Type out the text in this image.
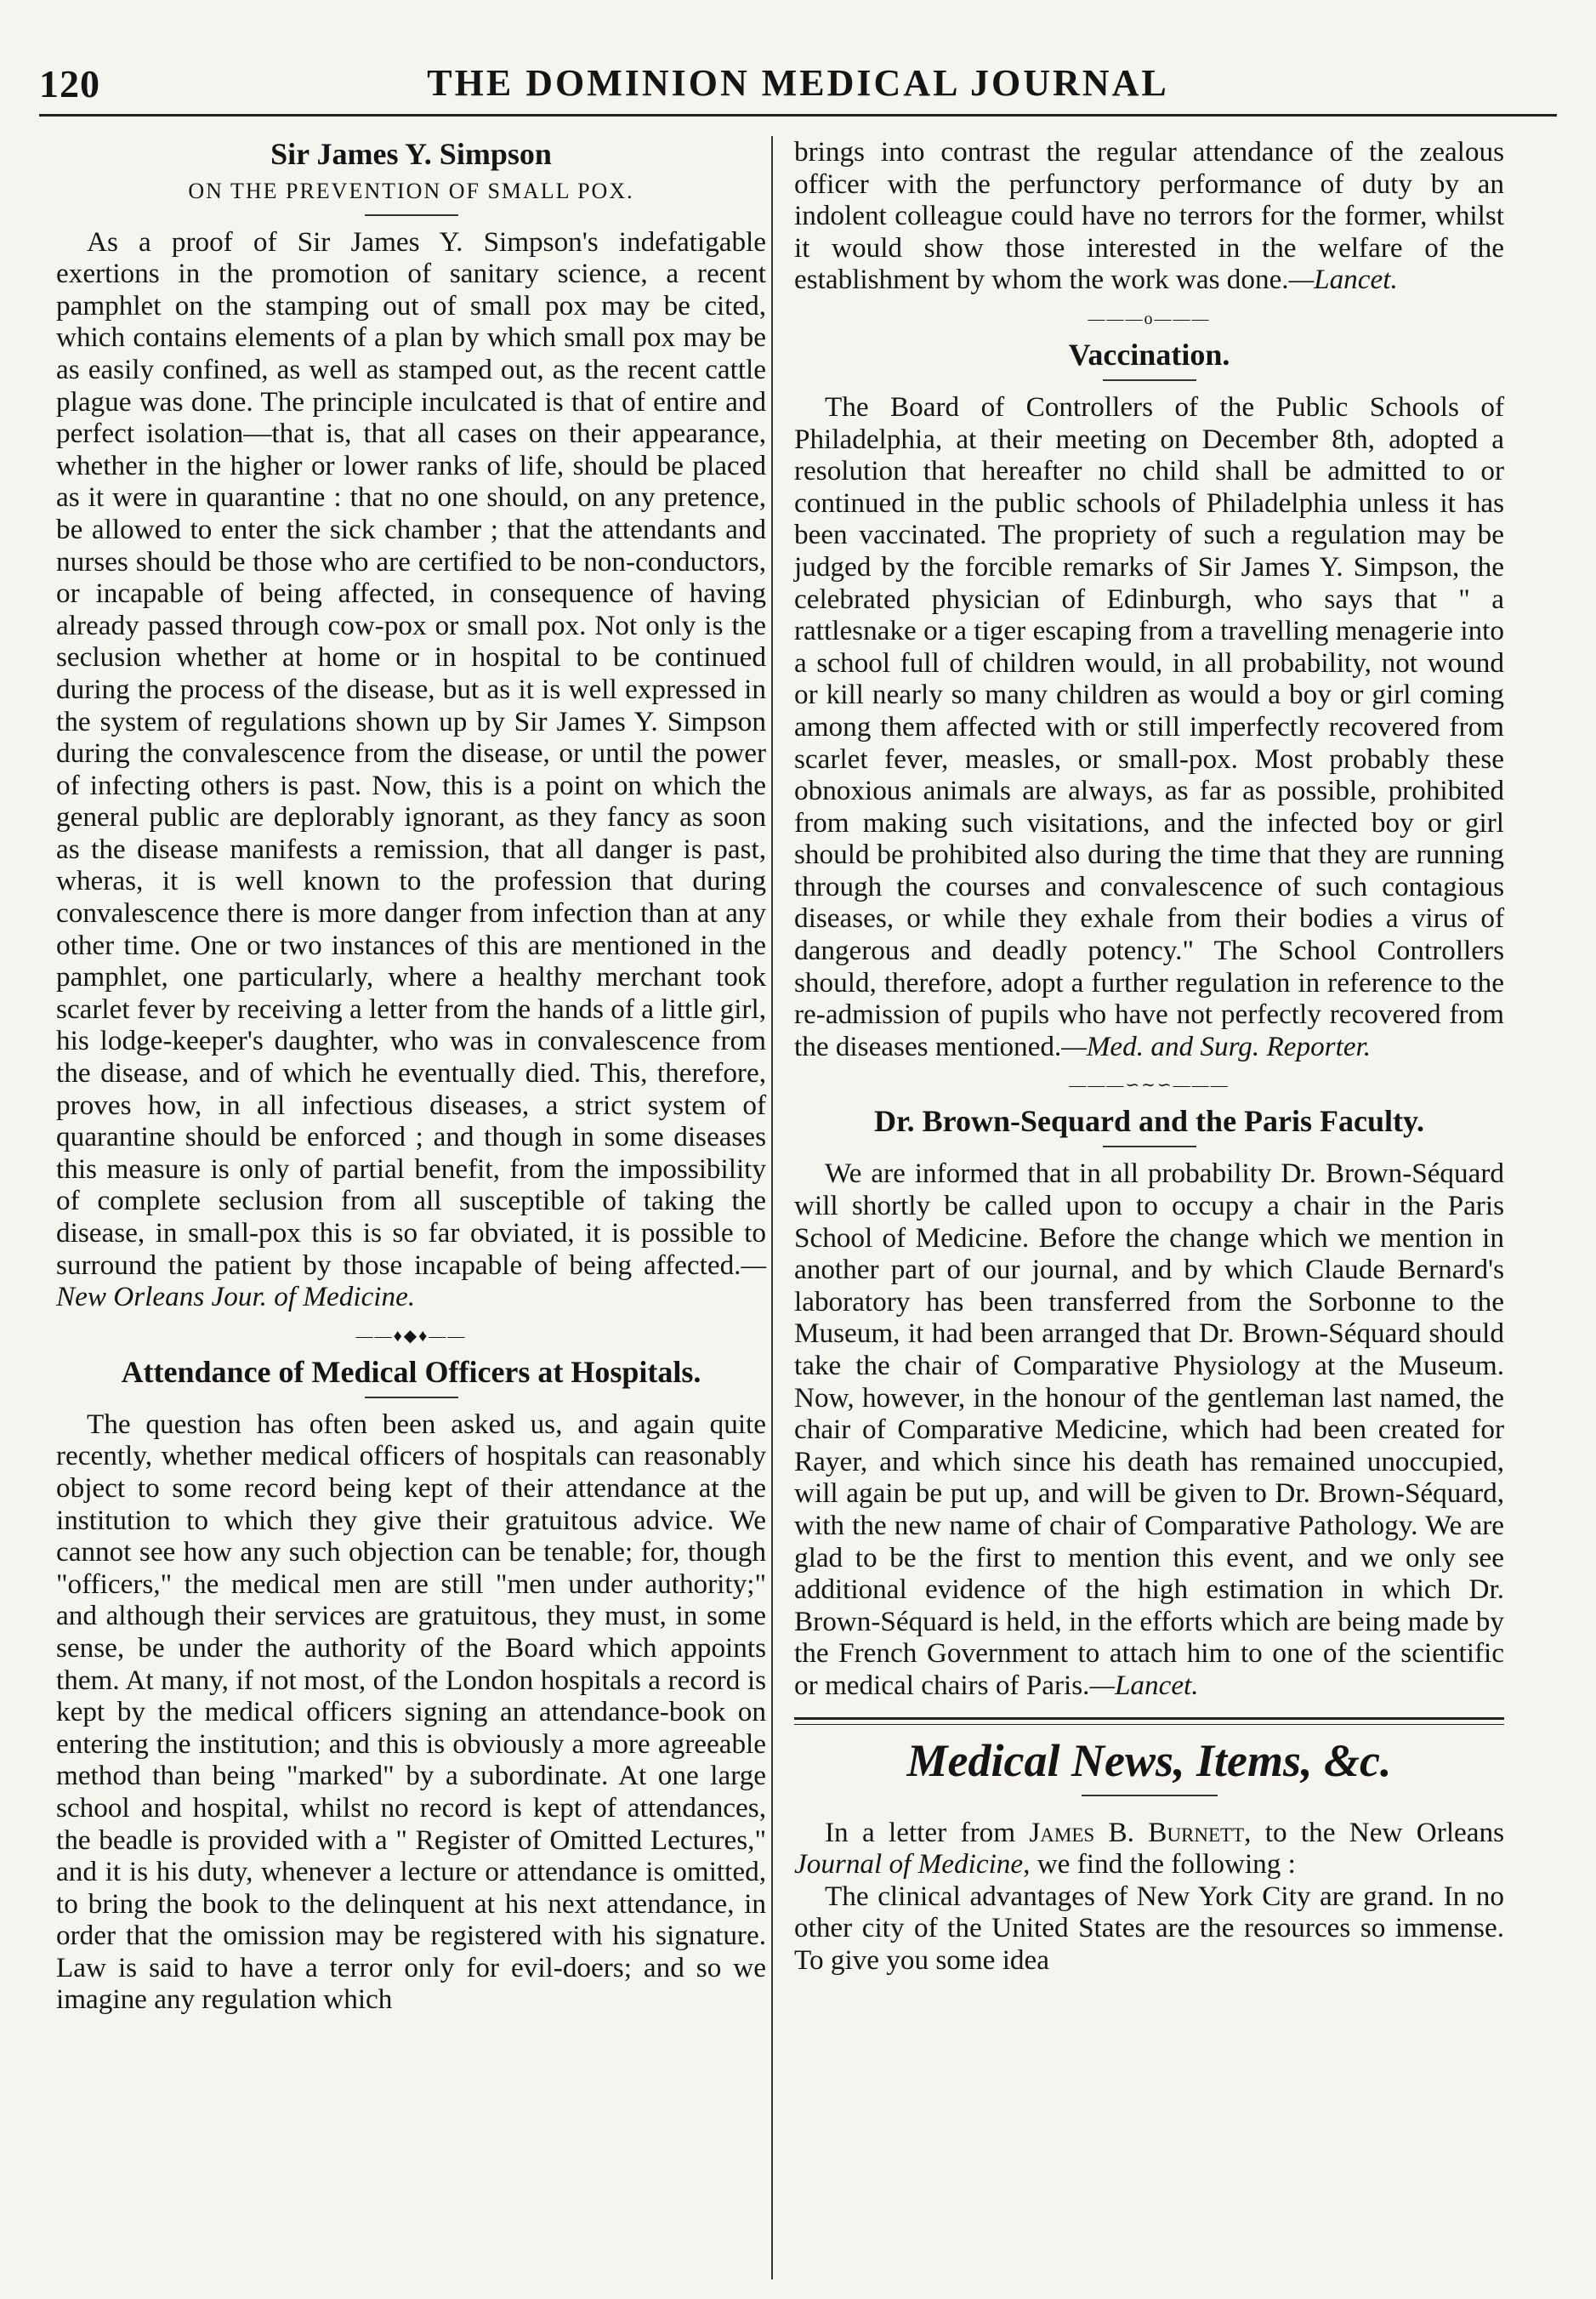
120	THE DOMINION MEDICAL JOURNAL
Sir James Y. Simpson
ON THE PREVENTION OF SMALL POX.

As a proof of Sir James Y. Simpson's indefatigable exertions in the promotion of sanitary science, a recent pamphlet on the stamping out of small pox may be cited, which contains elements of a plan by which small pox may be as easily confined, as well as stamped out, as the recent cattle plague was done. The principle inculcated is that of entire and perfect isolation—that is, that all cases on their appearance, whether in the higher or lower ranks of life, should be placed as it were in quarantine : that no one should, on any pretence, be allowed to enter the sick chamber ; that the attendants and nurses should be those who are certified to be non-conductors, or incapable of being affected, in consequence of having already passed through cow-pox or small pox. Not only is the seclusion whether at home or in hospital to be continued during the process of the disease, but as it is well expressed in the system of regulations shown up by Sir James Y. Simpson during the convalescence from the disease, or until the power of infecting others is past. Now, this is a point on which the general public are deplorably ignorant, as they fancy as soon as the disease manifests a remission, that all danger is past, wheras, it is well known to the profession that during convalescence there is more danger from infection than at any other time. One or two instances of this are mentioned in the pamphlet, one particularly, where a healthy merchant took scarlet fever by receiving a letter from the hands of a little girl, his lodge-keeper's daughter, who was in convalescence from the disease, and of which he eventually died. This, therefore, proves how, in all infectious diseases, a strict system of quarantine should be enforced ; and though in some diseases this measure is only of partial benefit, from the impossibility of complete seclusion from all susceptible of taking the disease, in small-pox this is so far obviated, it is possible to surround the patient by those incapable of being affected.—New Orleans Jour. of Medicine.

——♦◆♦——
Attendance of Medical Officers at Hospitals.

The question has often been asked us, and again quite recently, whether medical officers of hospitals can reasonably object to some record being kept of their attendance at the institution to which they give their gratuitous advice. We cannot see how any such objection can be tenable; for, though "officers," the medical men are still "men under authority;" and although their services are gratuitous, they must, in some sense, be under the authority of the Board which appoints them. At many, if not most, of the London hospitals a record is kept by the medical officers signing an attendance-book on entering the institution; and this is obviously a more agreeable method than being "marked" by a subordinate. At one large school and hospital, whilst no record is kept of attendances, the beadle is provided with a " Register of Omitted Lectures," and it is his duty, whenever a lecture or attendance is omitted, to bring the book to the delinquent at his next attendance, in order that the omission may be registered with his signature. Law is said to have a terror only for evil-doers; and so we imagine any regulation which

brings into contrast the regular attendance of the zealous officer with the perfunctory performance of duty by an indolent colleague could have no terrors for the former, whilst it would show those interested in the welfare of the establishment by whom the work was done.—Lancet.

———o———
Vaccination.

The Board of Controllers of the Public Schools of Philadelphia, at their meeting on December 8th, adopted a resolution that hereafter no child shall be admitted to or continued in the public schools of Philadelphia unless it has been vaccinated. The propriety of such a regulation may be judged by the forcible remarks of Sir James Y. Simpson, the celebrated physician of Edinburgh, who says that " a rattlesnake or a tiger escaping from a travelling menagerie into a school full of children would, in all probability, not wound or kill nearly so many children as would a boy or girl coming among them affected with or still imperfectly recovered from scarlet fever, measles, or small-pox. Most probably these obnoxious animals are always, as far as possible, prohibited from making such visitations, and the infected boy or girl should be prohibited also during the time that they are running through the courses and convalescence of such contagious diseases, or while they exhale from their bodies a virus of dangerous and deadly potency." The School Controllers should, therefore, adopt a further regulation in reference to the re-admission of pupils who have not perfectly recovered from the diseases mentioned.—Med. and Surg. Reporter.

———∽∼∽———
Dr. Brown-Sequard and the Paris Faculty.

We are informed that in all probability Dr. Brown-Séquard will shortly be called upon to occupy a chair in the Paris School of Medicine. Before the change which we mention in another part of our journal, and by which Claude Bernard's laboratory has been transferred from the Sorbonne to the Museum, it had been arranged that Dr. Brown-Séquard should take the chair of Comparative Physiology at the Museum. Now, however, in the honour of the gentleman last named, the chair of Comparative Medicine, which had been created for Rayer, and which since his death has remained unoccupied, will again be put up, and will be given to Dr. Brown-Séquard, with the new name of chair of Comparative Pathology. We are glad to be the first to mention this event, and we only see additional evidence of the high estimation in which Dr. Brown-Séquard is held, in the efforts which are being made by the French Government to attach him to one of the scientific or medical chairs of Paris.—Lancet.

Medical News, Items, &c.

In a letter from James B. Burnett, to the New Orleans Journal of Medicine, we find the following :

The clinical advantages of New York City are grand. In no other city of the United States are the resources so immense. To give you some idea
